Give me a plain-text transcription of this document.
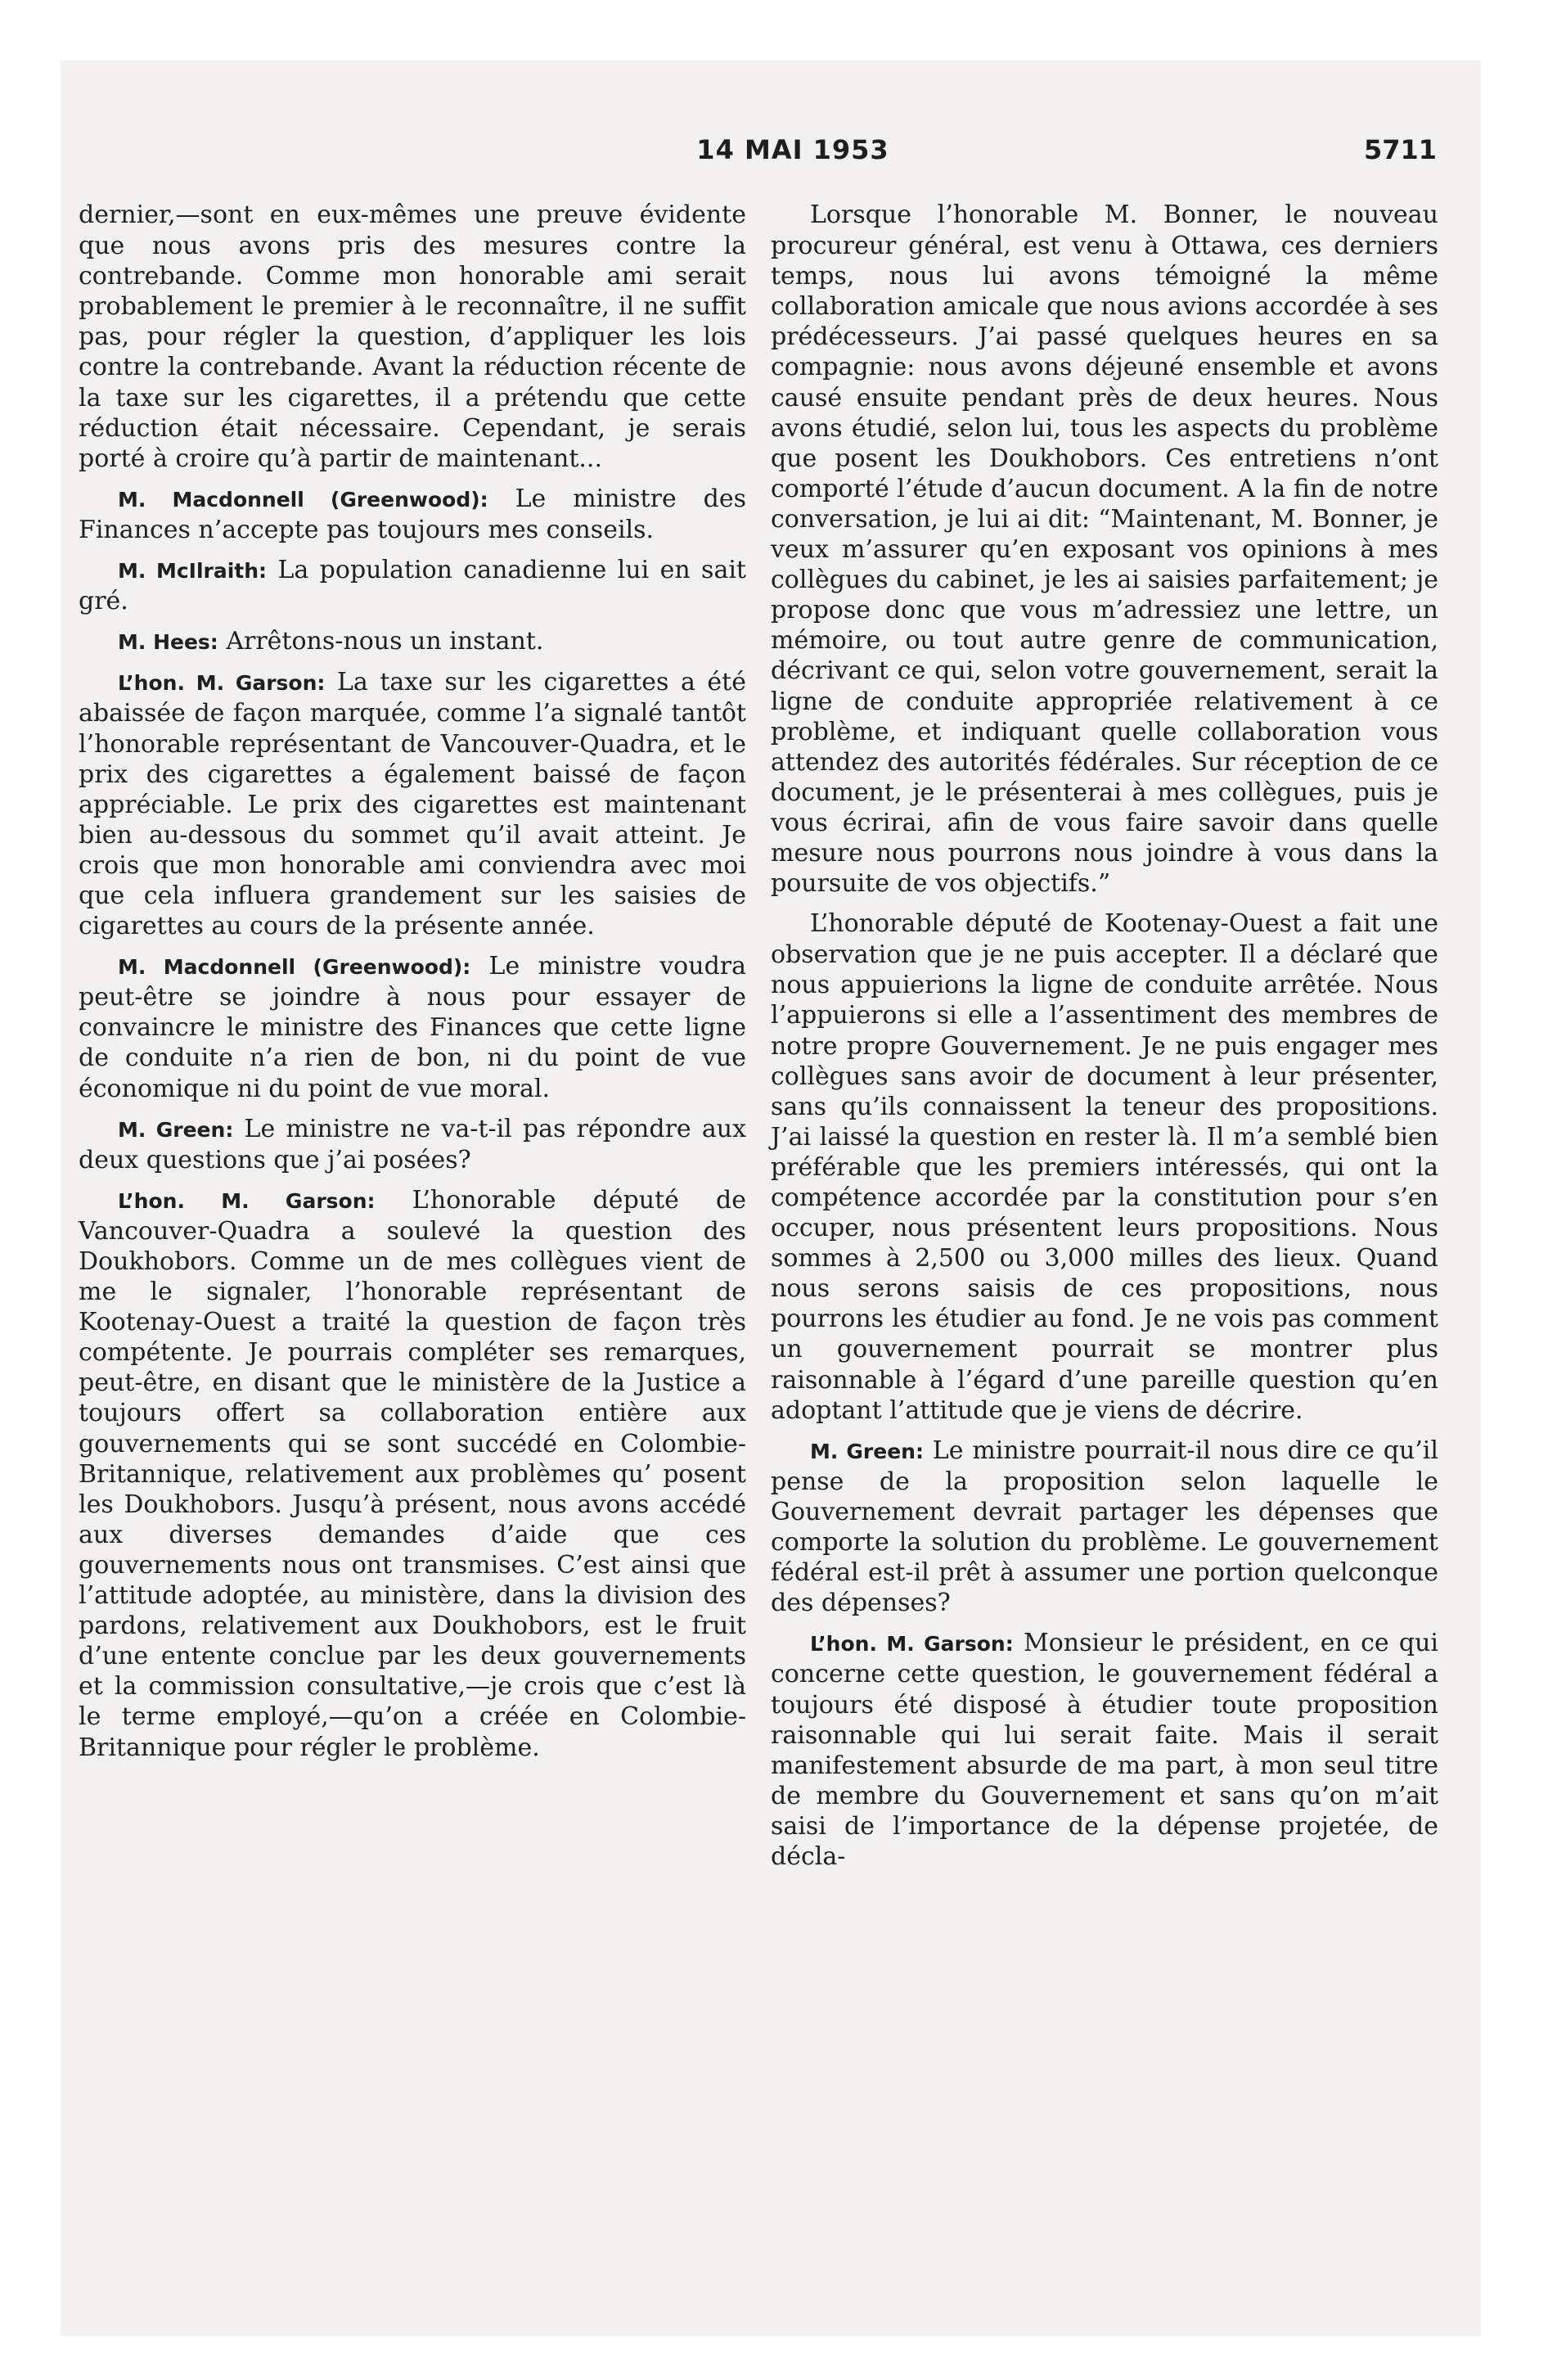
14 MAI 1953	5711

dernier,—sont en eux-mêmes une preuve évidente que nous avons pris des mesures contre la contrebande. Comme mon honorable ami serait probablement le premier à le reconnaître, il ne suffit pas, pour régler la question, d’appliquer les lois contre la contrebande. Avant la réduction récente de la taxe sur les cigarettes, il a prétendu que cette réduction était nécessaire. Cependant, je serais porté à croire qu’à partir de maintenant...

M. Macdonnell (Greenwood): Le ministre des Finances n’accepte pas toujours mes conseils.

M. McIlraith: La population canadienne lui en sait gré.

M. Hees: Arrêtons-nous un instant.

L’hon. M. Garson: La taxe sur les cigarettes a été abaissée de façon marquée, comme l’a signalé tantôt l’honorable représentant de Vancouver-Quadra, et le prix des cigarettes a également baissé de façon appréciable. Le prix des cigarettes est maintenant bien au-dessous du sommet qu’il avait atteint. Je crois que mon honorable ami conviendra avec moi que cela influera grandement sur les saisies de cigarettes au cours de la présente année.

M. Macdonnell (Greenwood): Le ministre voudra peut-être se joindre à nous pour essayer de convaincre le ministre des Finances que cette ligne de conduite n’a rien de bon, ni du point de vue économique ni du point de vue moral.

M. Green: Le ministre ne va-t-il pas répondre aux deux questions que j’ai posées?

L’hon. M. Garson: L’honorable député de Vancouver-Quadra a soulevé la question des Doukhobors. Comme un de mes collègues vient de me le signaler, l’honorable représentant de Kootenay-Ouest a traité la question de façon très compétente. Je pourrais compléter ses remarques, peut-être, en disant que le ministère de la Justice a toujours offert sa collaboration entière aux gouvernements qui se sont succédé en Colombie-Britannique, relativement aux problèmes qu’ posent les Doukhobors. Jusqu’à présent, nous avons accédé aux diverses demandes d’aide que ces gouvernements nous ont transmises. C’est ainsi que l’attitude adoptée, au ministère, dans la division des pardons, relativement aux Doukhobors, est le fruit d’une entente conclue par les deux gouvernements et la commission consultative,—je crois que c’est là le terme employé,—qu’on a créée en Colombie-Britannique pour régler le problème.

Lorsque l’honorable M. Bonner, le nouveau procureur général, est venu à Ottawa, ces derniers temps, nous lui avons témoigné la même collaboration amicale que nous avions accordée à ses prédécesseurs. J’ai passé quelques heures en sa compagnie: nous avons déjeuné ensemble et avons causé ensuite pendant près de deux heures. Nous avons étudié, selon lui, tous les aspects du problème que posent les Doukhobors. Ces entretiens n’ont comporté l’étude d’aucun document. A la fin de notre conversation, je lui ai dit: “Maintenant, M. Bonner, je veux m’assurer qu’en exposant vos opinions à mes collègues du cabinet, je les ai saisies parfaitement; je propose donc que vous m’adressiez une lettre, un mémoire, ou tout autre genre de communication, décrivant ce qui, selon votre gouvernement, serait la ligne de conduite appropriée relativement à ce problème, et indiquant quelle collaboration vous attendez des autorités fédérales. Sur réception de ce document, je le présenterai à mes collègues, puis je vous écrirai, afin de vous faire savoir dans quelle mesure nous pourrons nous joindre à vous dans la poursuite de vos objectifs.”

L’honorable député de Kootenay-Ouest a fait une observation que je ne puis accepter. Il a déclaré que nous appuierions la ligne de conduite arrêtée. Nous l’appuierons si elle a l’assentiment des membres de notre propre Gouvernement. Je ne puis engager mes collègues sans avoir de document à leur présenter, sans qu’ils connaissent la teneur des propositions. J’ai laissé la question en rester là. Il m’a semblé bien préférable que les premiers intéressés, qui ont la compétence accordée par la constitution pour s’en occuper, nous présentent leurs propositions. Nous sommes à 2,500 ou 3,000 milles des lieux. Quand nous serons saisis de ces propositions, nous pourrons les étudier au fond. Je ne vois pas comment un gouvernement pourrait se montrer plus raisonnable à l’égard d’une pareille question qu’en adoptant l’attitude que je viens de décrire.

M. Green: Le ministre pourrait-il nous dire ce qu’il pense de la proposition selon laquelle le Gouvernement devrait partager les dépenses que comporte la solution du problème. Le gouvernement fédéral est-il prêt à assumer une portion quelconque des dépenses?

L’hon. M. Garson: Monsieur le président, en ce qui concerne cette question, le gouvernement fédéral a toujours été disposé à étudier toute proposition raisonnable qui lui serait faite. Mais il serait manifestement absurde de ma part, à mon seul titre de membre du Gouvernement et sans qu’on m’ait saisi de l’importance de la dépense projetée, de décla-
